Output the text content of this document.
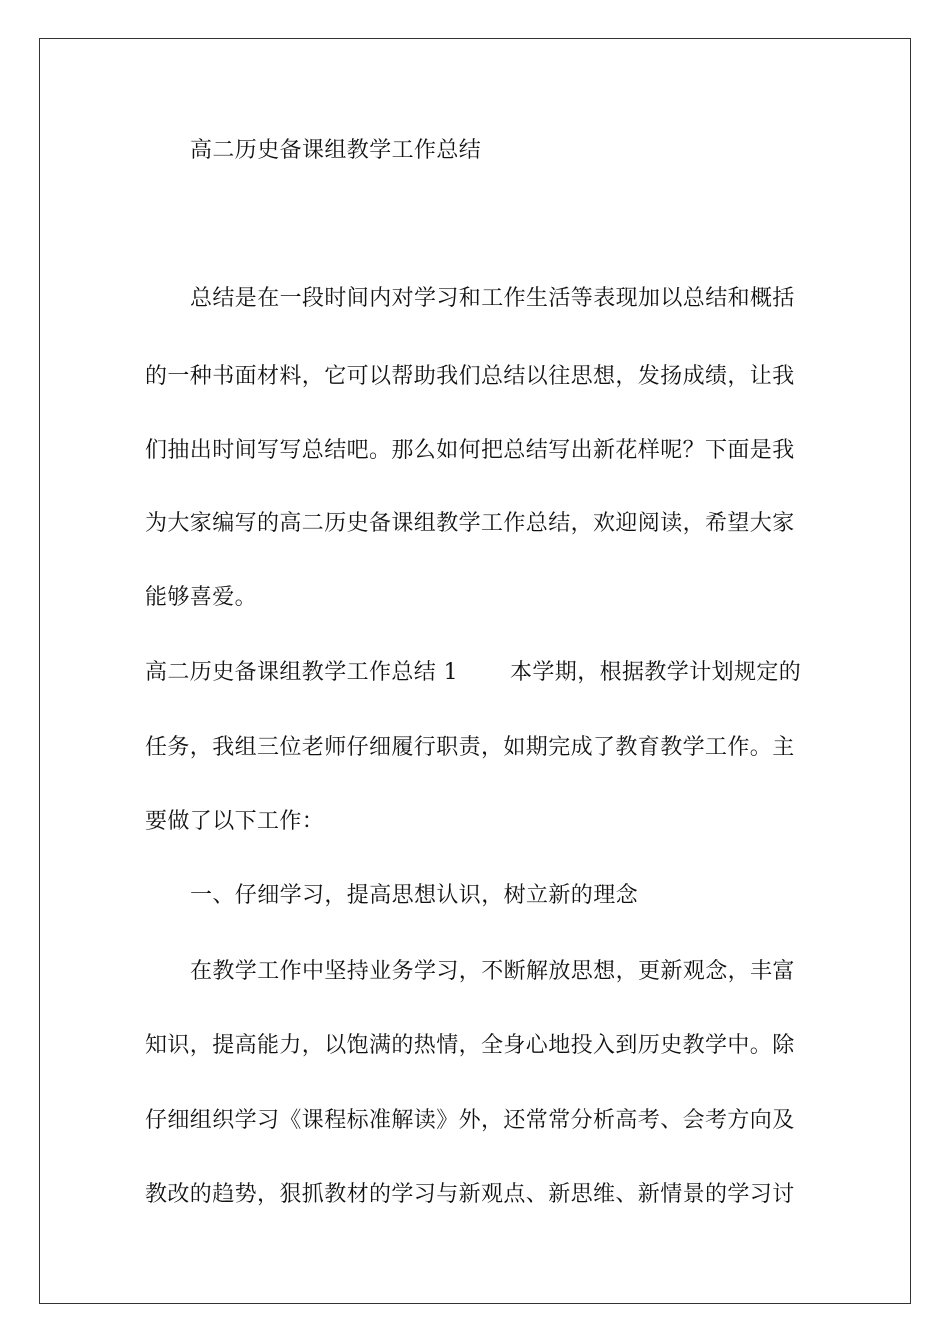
高二历史备课组教学工作总结
总结是在一段时间内对学习和工作生活等表现加以总结和概括
的一种书面材料，它可以帮助我们总结以往思想，发扬成绩，让我
们抽出时间写写总结吧。那么如何把总结写出新花样呢？下面是我
为大家编写的高二历史备课组教学工作总结，欢迎阅读，希望大家
能够喜爱。
高二历史备课组教学工作总结 1 本学期，根据教学计划规定的
任务，我组三位老师仔细履行职责，如期完成了教育教学工作。主
要做了以下工作：
一、仔细学习，提高思想认识，树立新的理念
在教学工作中坚持业务学习，不断解放思想，更新观念，丰富
知识，提高能力，以饱满的热情，全身心地投入到历史教学中。除
仔细组织学习《课程标准解读》外，还常常分析高考、会考方向及
教改的趋势，狠抓教材的学习与新观点、新思维、新情景的学习讨
